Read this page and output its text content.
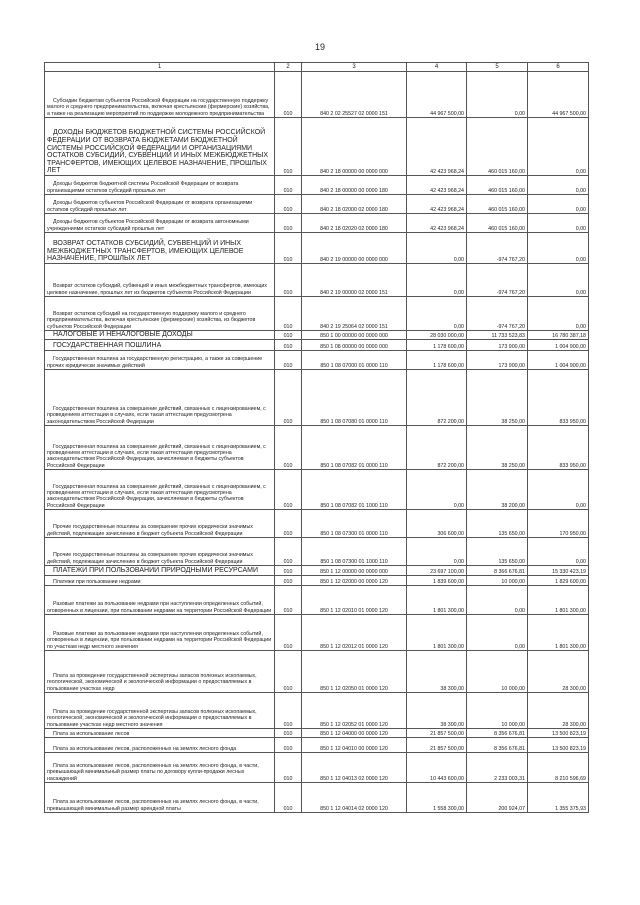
19
1	2	3	4	5	6
Субсидии бюджетам субъектов Российской Федерации на государственную поддержку малого и среднего предпринимательства, включая крестьянские (фермерские) хозяйства, а также на реализацию мероприятий по поддержке молодежного предпринимательства	010	840 2 02 25527 02 0000 151	44 967 500,00	0,00	44 967 500,00
ДОХОДЫ БЮДЖЕТОВ БЮДЖЕТНОЙ СИСТЕМЫ РОССИЙСКОЙ ФЕДЕРАЦИИ ОТ ВОЗВРАТА БЮДЖЕТАМИ БЮДЖЕТНОЙ СИСТЕМЫ РОССИЙСКОЙ ФЕДЕРАЦИИ И ОРГАНИЗАЦИЯМИ ОСТАТКОВ СУБСИДИЙ, СУБВЕНЦИЙ И ИНЫХ МЕЖБЮДЖЕТНЫХ ТРАНСФЕРТОВ, ИМЕЮЩИХ ЦЕЛЕВОЕ НАЗНАЧЕНИЕ, ПРОШЛЫХ ЛЕТ	010	840 2 18 00000 00 0000 000	42 423 968,24	460 015 160,00	0,00
Доходы бюджетов бюджетной системы Российской Федерации от возврата организациями остатков субсидий прошлых лет	010	840 2 18 00000 00 0000 180	42 423 968,24	460 015 160,00	0,00
Доходы бюджетов субъектов Российской Федерации от возврата организациями остатков субсидий прошлых лет	010	840 2 18 02000 02 0000 180	42 423 968,24	460 015 160,00	0,00
Доходы бюджетов субъектов Российской Федерации от возврата автономными учреждениями остатков субсидий прошлых лет	010	840 2 18 02020 02 0000 180	42 423 968,24	460 015 160,00	0,00
ВОЗВРАТ ОСТАТКОВ СУБСИДИЙ, СУБВЕНЦИЙ И ИНЫХ МЕЖБЮДЖЕТНЫХ ТРАНСФЕРТОВ, ИМЕЮЩИХ ЦЕЛЕВОЕ НАЗНАЧЕНИЕ, ПРОШЛЫХ ЛЕТ	010	840 2 19 00000 00 0000 000	0,00	-974 767,20	0,00
Возврат остатков субсидий, субвенций и иных межбюджетных трансфертов, имеющих целевое назначение, прошлых лет из бюджетов субъектов Российской Федерации	010	840 2 19 00000 02 0000 151	0,00	-974 767,20	0,00
Возврат остатков субсидий на государственную поддержку малого и среднего предпринимательства, включая крестьянские (фермерские) хозяйства, из бюджетов субъектов Российской Федерации	010	840 2 19 25064 02 0000 151	0,00	-974 767,20	0,00
НАЛОГОВЫЕ И НЕНАЛОГОВЫЕ ДОХОДЫ	010	850 1 00 00000 00 0000 000	28 030 000,00	11 733 523,83	16 780 387,18
ГОСУДАРСТВЕННАЯ ПОШЛИНА	010	850 1 08 00000 00 0000 000	1 178 600,00	173 900,00	1 004 900,00
Государственная пошлина за государственную регистрацию, а также за совершение прочих юридически значимых действий	010	850 1 08 07000 01 0000 110	1 178 600,00	173 900,00	1 004 900,00
Государственная пошлина за совершение действий, связанных с лицензированием, с проведением аттестации в случаях, если такая аттестация предусмотрена законодательством Российской Федерации	010	850 1 08 07080 01 0000 110	872 200,00	38 250,00	833 950,00
Государственная пошлина за совершение действий, связанных с лицензированием, с проведением аттестации в случаях, если такая аттестация предусмотрена законодательством Российской Федерации, зачисляемая в бюджеты субъектов Российской Федерации	010	850 1 08 07082 01 0000 110	872 200,00	38 250,00	833 950,00
Государственная пошлина за совершение действий, связанных с лицензированием, с проведением аттестации в случаях, если такая аттестация предусмотрена законодательством Российской Федерации, зачисляемая в бюджеты субъектов Российской Федерации	010	850 1 08 07082 01 1000 110	0,00	38 200,00	0,00
Прочие государственные пошлины за совершение прочих юридически значимых действий, подлежащие зачислению в бюджет субъекта Российской Федерации	010	850 1 08 07300 01 0000 110	306 600,00	135 650,00	170 950,00
Прочие государственные пошлины за совершение прочих юридически значимых действий, подлежащие зачислению в бюджет субъекта Российской Федерации	010	850 1 08 07300 01 1000 110	0,00	135 650,00	0,00
ПЛАТЕЖИ ПРИ ПОЛЬЗОВАНИИ ПРИРОДНЫМИ РЕСУРСАМИ	010	850 1 12 00000 00 0000 000	23 697 100,00	8 366 676,81	15 330 423,19
Платежи при пользовании недрами	010	850 1 12 02000 00 0000 120	1 839 600,00	10 000,00	1 829 600,00
Разовые платежи за пользование недрами при наступлении определенных событий, оговоренных в лицензии, при пользовании недрами на территории Российской Федерации	010	850 1 12 02010 01 0000 120	1 801 300,00	0,00	1 801 300,00
Разовые платежи за пользование недрами при наступлении определенных событий, оговоренных в лицензии, при пользовании недрами на территории Российской Федерации по участкам недр местного значения	010	850 1 12 02012 01 0000 120	1 801 300,00	0,00	1 801 300,00
Плата за проведение государственной экспертизы запасов полезных ископаемых, геологической, экономической и экологической информации о предоставляемых в пользование участках недр	010	850 1 12 02050 01 0000 120	38 300,00	10 000,00	28 300,00
Плата за проведение государственной экспертизы запасов полезных ископаемых, геологической, экономической и экологической информации о предоставляемых в пользование участках недр местного значения	010	850 1 12 02052 01 0000 120	38 300,00	10 000,00	28 300,00
Плата за использование лесов	010	850 1 12 04000 00 0000 120	21 857 500,00	8 356 676,81	13 500 823,19
Плата за использование лесов, расположенных на землях лесного фонда	010	850 1 12 04010 00 0000 120	21 857 500,00	8 356 676,81	13 500 823,19
Плата за использование лесов, расположенных на землях лесного фонда, в части, превышающей минимальный размер платы по договору купли-продажи лесных насаждений	010	850 1 12 04013 02 0000 120	10 443 600,00	2 233 003,31	8 210 596,69
Плата за использование лесов, расположенных на землях лесного фонда, в части, превышающей минимальный размер арендной платы	010	850 1 12 04014 02 0000 120	1 558 300,00	200 924,07	1 355 375,93
